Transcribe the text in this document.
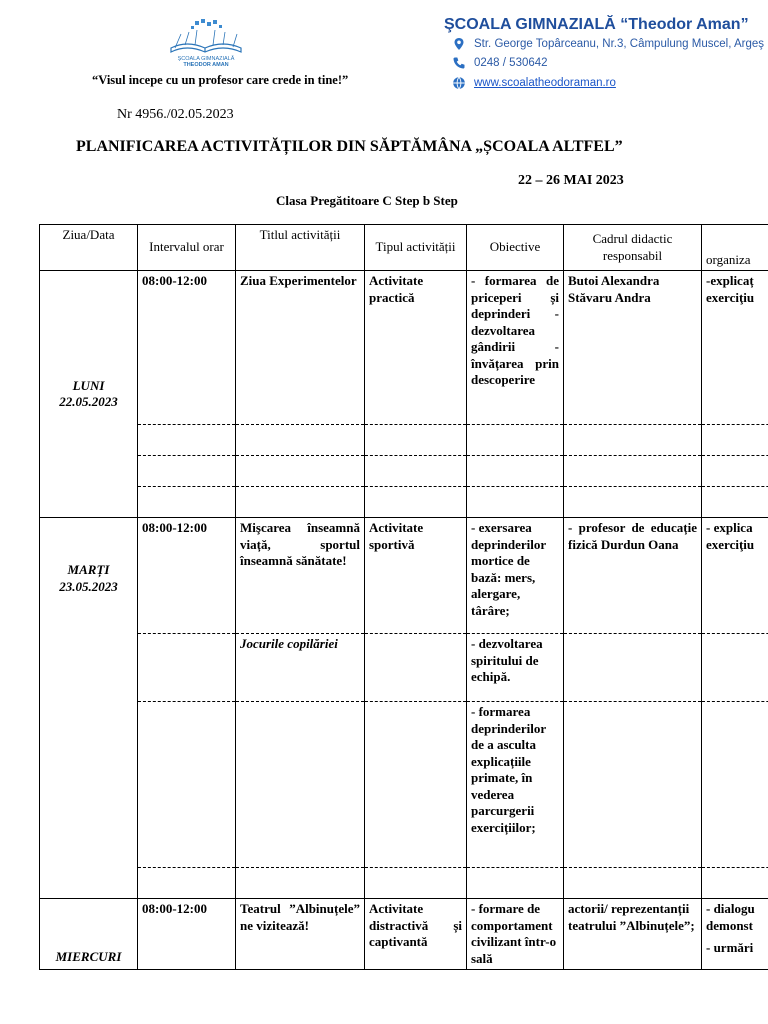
ŞCOALA GIMNAZIALĂ
THEODOR AMAN
“Visul incepe cu un profesor care crede in tine!”
ŞCOALA GIMNAZIALĂ “Theodor Aman”
Str. George Topârceanu, Nr.3, Câmpulung Muscel, Argeş
0248 / 530642
www.scoalatheodoraman.ro
Nr 4956./02.05.2023
PLANIFICAREA ACTIVITĂȚILOR DIN SĂPTĂMÂNA „ȘCOALA ALTFEL”
22 – 26 MAI 2023
Clasa Pregătitoare C Step b Step
Ziua/Data	Intervalul orar	Titlul activității	Tipul activității	Obiective	Cadrul didactic responsabil	organiza

LUNI
22.05.2023	08:00-12:00	Ziua Experimentelor	Activitate practică	- formarea de priceperi și deprinderi -dezvoltarea gândirii - învățarea prin descoperire	Butoi Alexandra Stăvaru Andra	-explicaț exerciţiu

MARȚI
23.05.2023	08:00-12:00	Mişcarea înseamnă viață, sportul înseamnă sănătate!	Activitate sportivă	- exersarea deprinderilor mortice de bază: mers, alergare, târâre;	- profesor de educație fizică Durdun Oana	- explica exerciţiu
		Jocurile copilăriei		- dezvoltarea spiritului de echipă.		
				- formarea deprinderilor de a asculta explicațiile primate, în vederea parcurgerii exercițiilor;		

MIERCURI	08:00-12:00	Teatrul ”Albinuțele” ne vizitează!	Activitate distractivă și captivantă	- formare de comportament civilizant într-o sală	actorii/ reprezentanții teatrului ”Albinuțele”;	- dialogu demonst
- urmări
